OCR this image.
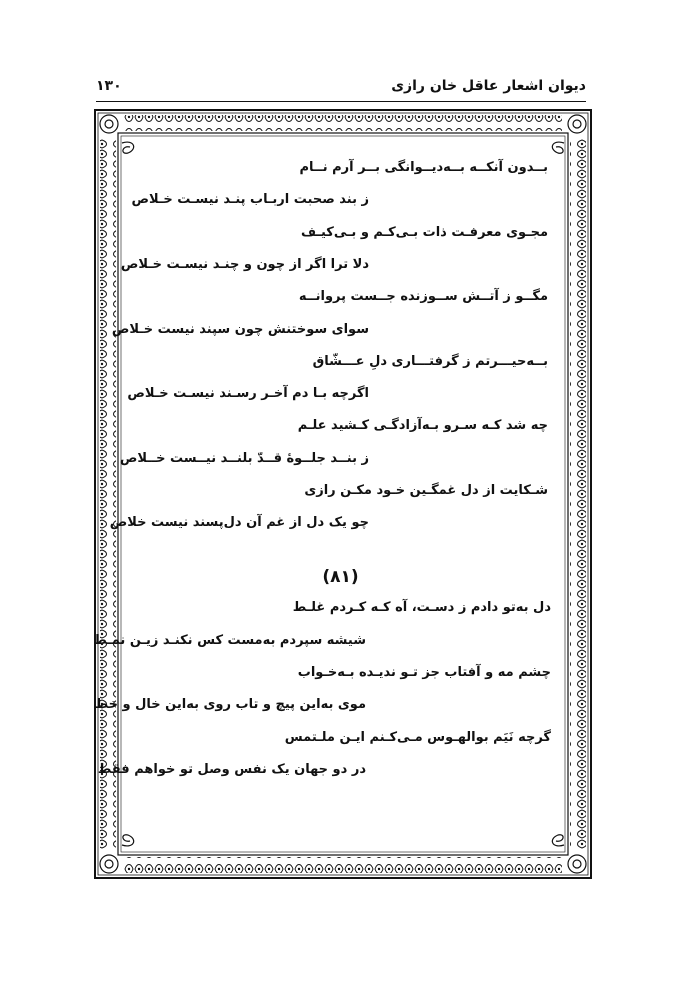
دیوان اشعار عاقل خان رازی
۱۳۰
بــدون آنکــه بــه‌دیــوانگی بــر آرم نــام
ز بند صحبت اربـاب پنـد نیسـت خـلاص
مجـوی معرفـت ذات بـی‌کـم و بـی‌کیـف
دلا ترا اگر از چون و چنـد نیسـت خـلاص
مگــو ز آتــش ســوزنده جــست پروانــه
سوای سوختنش چون سپند نیست خـلاص
بــه‌حیـــرتم ز گرفتـــاری دلِ عـــشّاق
اگرچه بـا دم آخـر رسـند نیسـت خـلاص
چه شد کـه سـرو بـه‌آزادگـی کـشید علـم
ز بنــد جلــوهٔ قــدّ بلنــد نیــست خــلاص
شـکایت از دل غمگـین خـود مکـن رازی
چو یک دل از غم آن دل‌پسند نیست خلاص
(۸۱)
دل به‌تو دادم ز دسـت، آه کـه کـردم غلـط
شیشه سپردم به‌مست کس نکنـد زیـن نمـط
چشم مه و آفتاب جز تـو ندیـده بـه‌خـواب
موی به‌این پیچ و تاب روی به‌این خال و خط
گرچه نَیَم بوالهـوس مـی‌کـنم ایـن ملـتمس
در دو جهان یک نفس وصل تو خواهم فقط
